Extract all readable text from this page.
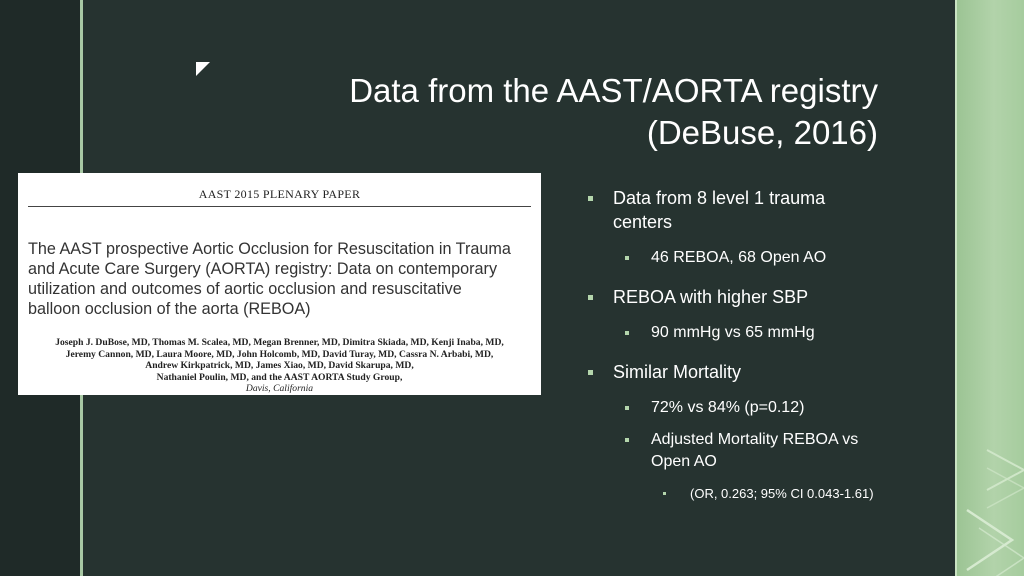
Data from the AAST/AORTA registry
(DeBuse, 2016)
AAST 2015 PLENARY PAPER
The AAST prospective Aortic Occlusion for Resuscitation in Trauma
and Acute Care Surgery (AORTA) registry: Data on contemporary
utilization and outcomes of aortic occlusion and resuscitative
balloon occlusion of the aorta (REBOA)
Joseph J. DuBose, MD, Thomas M. Scalea, MD, Megan Brenner, MD, Dimitra Skiada, MD, Kenji Inaba, MD,
Jeremy Cannon, MD, Laura Moore, MD, John Holcomb, MD, David Turay, MD, Cassra N. Arbabi, MD,
Andrew Kirkpatrick, MD, James Xiao, MD, David Skarupa, MD,
Nathaniel Poulin, MD, and the AAST AORTA Study Group,
Davis, California
Data from 8 level 1 trauma
centers
46 REBOA, 68 Open AO
REBOA with higher SBP
90 mmHg vs 65 mmHg
Similar Mortality
72% vs 84% (p=0.12)
Adjusted Mortality REBOA vs
Open AO
(OR, 0.263; 95% CI 0.043-1.61)
